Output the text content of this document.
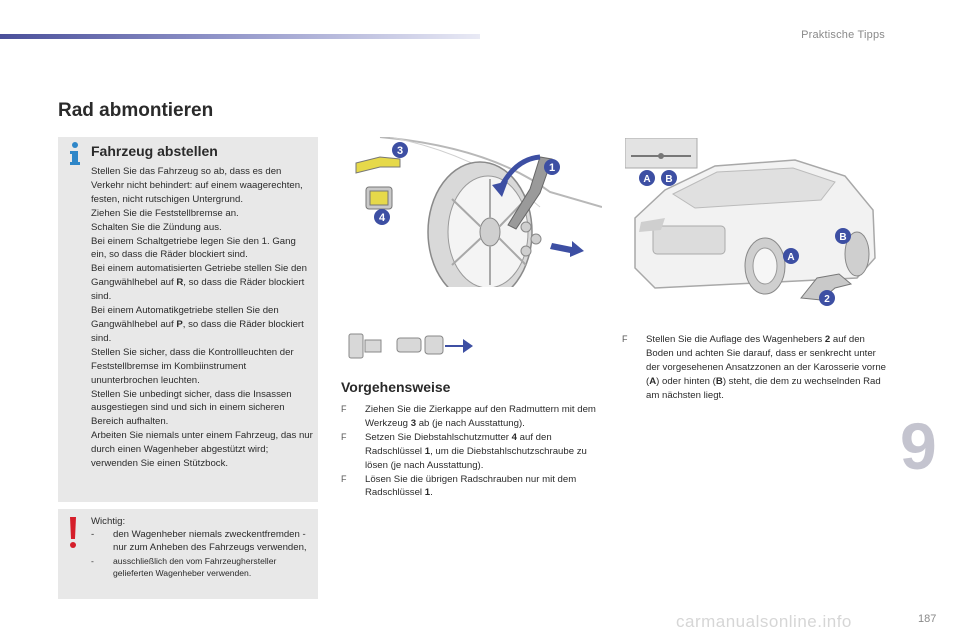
Praktische Tipps
Rad abmontieren
Fahrzeug abstellen

Stellen Sie das Fahrzeug so ab, dass es den Verkehr nicht behindert: auf einem waagerechten, festen, nicht rutschigen Untergrund.

Ziehen Sie die Feststellbremse an.

Schalten Sie die Zündung aus.

Bei einem Schaltgetriebe legen Sie den 1. Gang ein, so dass die Räder blockiert sind.

Bei einem automatisierten Getriebe stellen Sie den Gangwählhebel auf R, so dass die Räder blockiert sind.

Bei einem Automatikgetriebe stellen Sie den Gangwählhebel auf P, so dass die Räder blockiert sind.

Stellen Sie sicher, dass die Kontrollleuchten der Feststellbremse im Kombiinstrument ununterbrochen leuchten.

Stellen Sie unbedingt sicher, dass die Insassen ausgestiegen sind und sich in einem sicheren Bereich aufhalten.

Arbeiten Sie niemals unter einem Fahrzeug, das nur durch einen Wagenheber abgestützt wird; verwenden Sie einen Stützbock.

Wichtig:
-	den Wagenheber niemals zweckentfremden - nur zum Anheben des Fahrzeugs verwenden,
-	ausschließlich den vom Fahrzeughersteller gelieferten Wagenheber verwenden.
3
4
1
A B
A
B
2
Vorgehensweise
F	Ziehen Sie die Zierkappe auf den Radmuttern mit dem Werkzeug 3 ab (je nach Ausstattung).
F	Setzen Sie Diebstahlschutzmutter 4 auf den Radschlüssel 1, um die Diebstahlschutzschraube zu lösen (je nach Ausstattung).
F	Lösen Sie die übrigen Radschrauben nur mit dem Radschlüssel 1.
F	Stellen Sie die Auflage des Wagenhebers 2 auf den Boden und achten Sie darauf, dass er senkrecht unter der vorgesehenen Ansatzzonen an der Karosserie vorne (A) oder hinten (B) steht, die dem zu wechselnden Rad am nächsten liegt.
9
carmanualsonline.info	187
